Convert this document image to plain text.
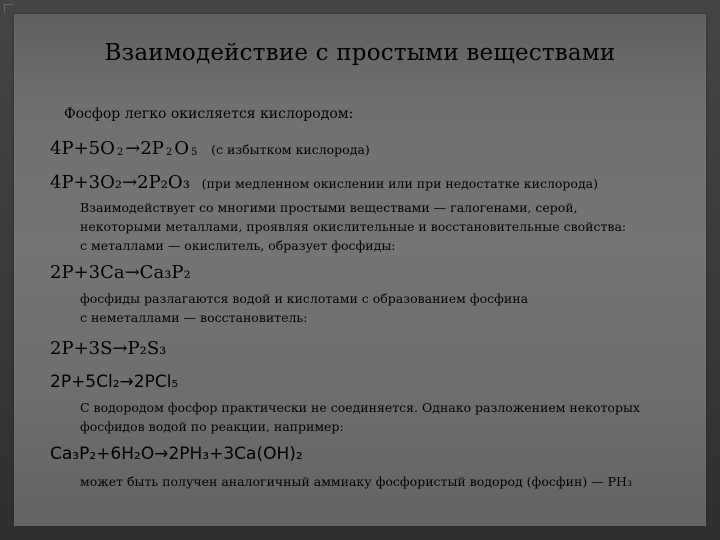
Взаимодействие с простыми веществами
Фосфор легко окисляется кислородом:
4P+5O 2 →2P 2 O 5 (с избытком кислорода)
4P+3O₂→2P₂O₃ (при медленном окислении или при недостатке кислорода)
Взаимодействует со многими простыми веществами — галогенами, серой,
некоторыми металлами, проявляя окислительные и восстановительные свойства:
с металлами — окислитель, образует фосфиды:
2P+3Ca→Ca₃P₂
фосфиды разлагаются водой и кислотами с образованием фосфина
с неметаллами — восстановитель:
2P+3S→P₂S₃
2P+5Cl₂→2PCl₅
С водородом фосфор практически не соединяется. Однако разложением некоторых
фосфидов водой по реакции, например:
Ca₃P₂+6H₂O→2PH₃+3Ca(OH)₂
может быть получен аналогичный аммиаку фосфористый водород (фосфин) — PH₃
